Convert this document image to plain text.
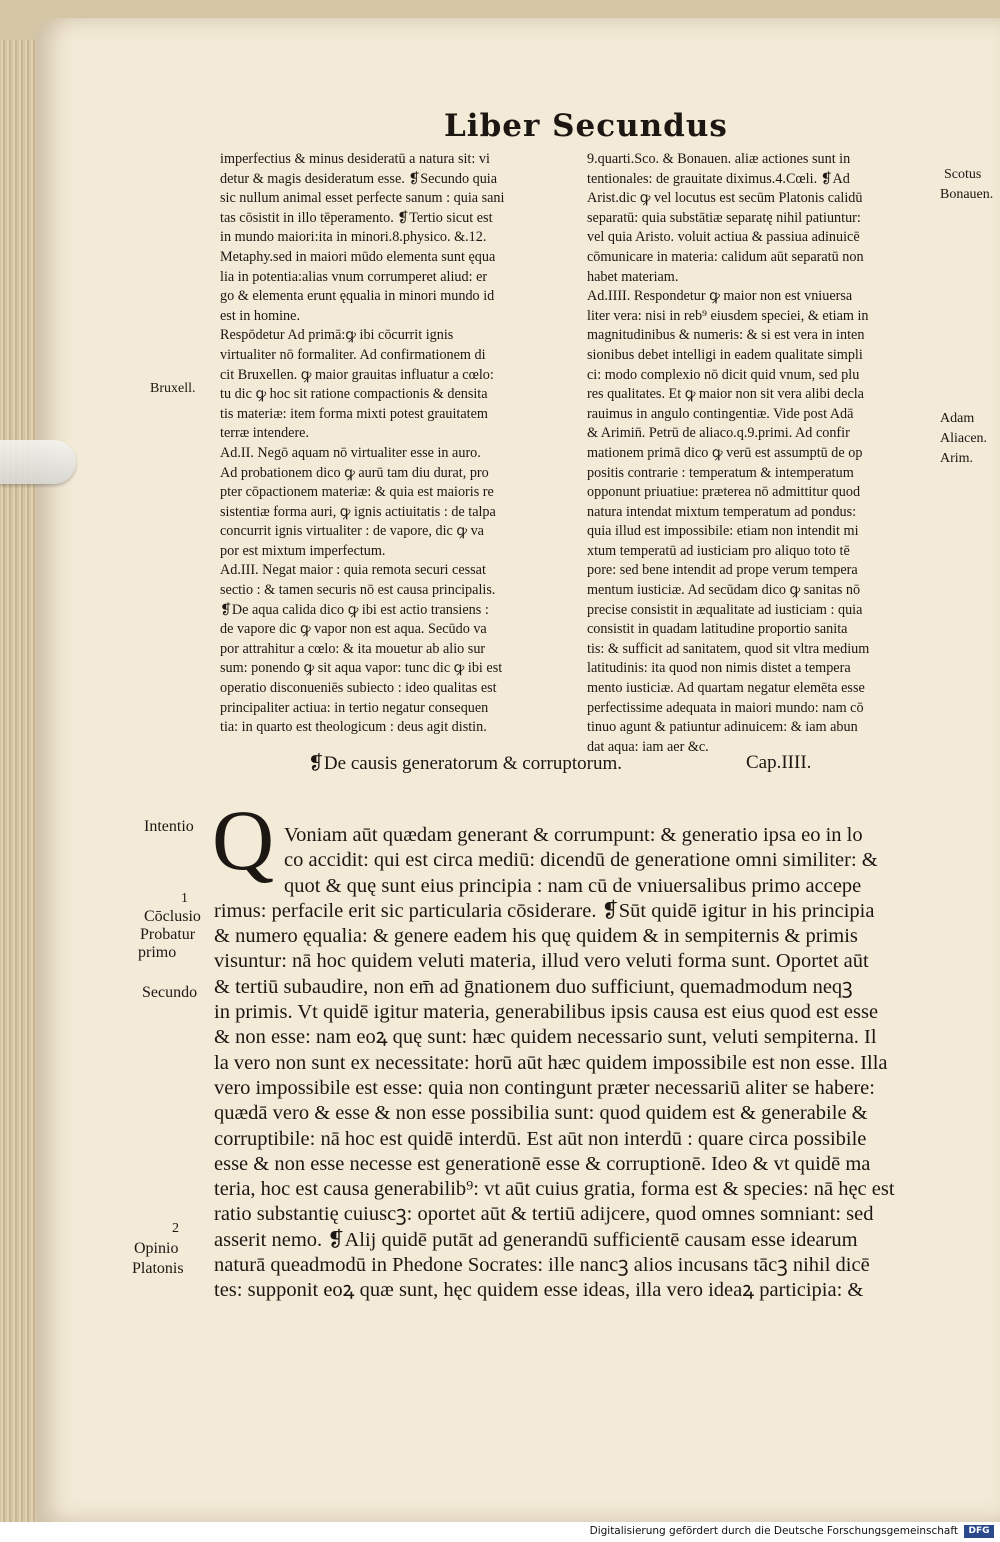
Liber Secundus
imperfectius & minus desideratū a natura sit: vi
detur & magis desideratum esse. ❡Secundo quia
sic nullum animal esset perfecte sanum : quia sani
tas cōsistit in illo tēperamento. ❡Tertio sicut est
in mundo maiori:ita in minori.8.physico. &.12.
Metaphy.sed in maiori mūdo elementa sunt ęqua
lia in potentia:alias vnum corrumperet aliud: er
go & elementa erunt ęqualia in minori mundo id
est in homine.
Respōdetur Ad primā:ꝙ ibi cōcurrit ignis
virtualiter nō formaliter. Ad confirmationem di
cit Bruxellen. ꝙ maior grauitas influatur a cœlo:
tu dic ꝙ hoc sit ratione compactionis & densita
tis materiæ: item forma mixti potest grauitatem
terræ intendere.
Ad.II. Negō aquam nō virtualiter esse in auro.
Ad probationem dico ꝙ aurū tam diu durat, pro
pter cōpactionem materiæ: & quia est maioris re
sistentiæ forma auri, ꝙ ignis actiuitatis : de talpa
concurrit ignis virtualiter : de vapore, dic ꝙ va
por est mixtum imperfectum.
Ad.III. Negat maior : quia remota securi cessat
sectio : & tamen securis nō est causa principalis.
❡De aqua calida dico ꝙ ibi est actio transiens :
de vapore dic ꝙ vapor non est aqua. Secūdo va
por attrahitur a cœlo: & ita mouetur ab alio sur
sum: ponendo ꝙ sit aqua vapor: tunc dic ꝙ ibi est
operatio disconueniēs subiecto : ideo qualitas est
principaliter actiua: in tertio negatur consequen
tia: in quarto est theologicum : deus agit distin.
9.quarti.Sco. & Bonauen. aliæ actiones sunt in
tentionales: de grauitate diximus.4.Cœli. ❡Ad
Arist.dic ꝙ vel locutus est secūm Platonis calidū
separatū: quia substātiæ separatę nihil patiuntur:
vel quia Aristo. voluit actiua & passiua adinuicē
cōmunicare in materia: calidum aūt separatū non
habet materiam.
Ad.IIII. Respondetur ꝙ maior non est vniuersa
liter vera: nisi in reb⁹ eiusdem speciei, & etiam in
magnitudinibus & numeris: & si est vera in inten
sionibus debet intelligi in eadem qualitate simpli
ci: modo complexio nō dicit quid vnum, sed plu
res qualitates. Et ꝙ maior non sit vera alibi decla
rauimus in angulo contingentiæ. Vide post Adā
& Arimin̄. Petrū de aliaco.q.9.primi. Ad confir
mationem primā dico ꝙ verū est assumptū de op
positis contrarie : temperatum & intemperatum
opponunt priuatiue: præterea nō admittitur quod
natura intendat mixtum temperatum ad pondus:
quia illud est impossibile: etiam non intendit mi
xtum temperatū ad iusticiam pro aliquo toto tē
pore: sed bene intendit ad prope verum tempera
mentum iusticiæ. Ad secūdam dico ꝙ sanitas nō
precise consistit in æqualitate ad iusticiam : quia
consistit in quadam latitudine proportio sanita
tis: & sufficit ad sanitatem, quod sit vltra medium
latitudinis: ita quod non nimis distet a tempera
mento iusticiæ. Ad quartam negatur elemēta esse
perfectissime adequata in maiori mundo: nam cō
tinuo agunt & patiuntur adinuicem: & iam abun
dat aqua: iam aer &c.
Bruxell.
Scotus
Bonauen.
Adam
Aliacen.
Arim.
❡De causis generatorum & corruptorum.	Cap.IIII.
Intentio
1
Cōclusio
Probatur
primo
Secundo
2
Opinio
Platonis
Q Voniam aūt quædam generant & corrumpunt: & generatio ipsa eo in lo
co accidit: qui est circa mediū: dicendū de generatione omni similiter: &
quot & quę sunt eius principia : nam cū de vniuersalibus primo accepe
rimus: perfacile erit sic particularia cōsiderare. ❡Sūt quidē igitur in his principia
& numero ęqualia: & genere eadem his quę quidem & in sempiternis & primis
visuntur: nā hoc quidem veluti materia, illud vero veluti forma sunt. Oportet aūt
& tertiū subaudire, non em̄ ad ḡnationem duo sufficiunt, quemadmodum neqꝫ
in primis. Vt quidē igitur materia, generabilibus ipsis causa est eius quod est esse
& non esse: nam eoꝝ quę sunt: hæc quidem necessario sunt, veluti sempiterna. Il
la vero non sunt ex necessitate: horū aūt hæc quidem impossibile est non esse. Illa
vero impossibile est esse: quia non contingunt præter necessariū aliter se habere:
quædā vero & esse & non esse possibilia sunt: quod quidem est & generabile &
corruptibile: nā hoc est quidē interdū. Est aūt non interdū : quare circa possibile
esse & non esse necesse est generationē esse & corruptionē. Ideo & vt quidē ma
teria, hoc est causa generabilib⁹: vt aūt cuius gratia, forma est & species: nā hęc est
ratio substantię cuiuscꝫ: oportet aūt & tertiū adijcere, quod omnes somniant: sed
asserit nemo. ❡Alij quidē putāt ad generandū sufficientē causam esse idearum
naturā queadmodū in Phedone Socrates: ille nancꝫ alios incusans tācꝫ nihil dicē
tes: supponit eoꝝ quæ sunt, hęc quidem esse ideas, illa vero ideaꝝ participia: &
Digitalisierung gefördert durch die Deutsche Forschungsgemeinschaft	DFG
